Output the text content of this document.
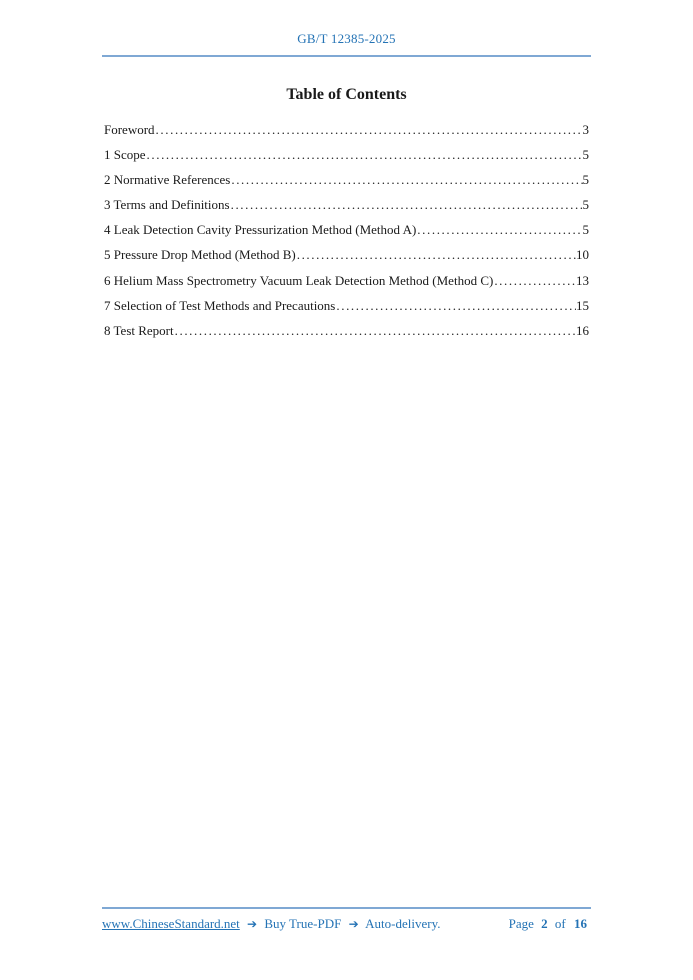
GB/T 12385-2025
Table of Contents
Foreword .....	3
1 Scope .....	5
2 Normative References .....	5
3 Terms and Definitions .....	5
4 Leak Detection Cavity Pressurization Method (Method A) .....	5
5 Pressure Drop Method (Method B) .....	10
6 Helium Mass Spectrometry Vacuum Leak Detection Method (Method C) .....	13
7 Selection of Test Methods and Precautions .....	15
8 Test Report .....	16
www.ChineseStandard.net ➔ Buy True-PDF ➔ Auto-delivery.	Page 2 of 16
